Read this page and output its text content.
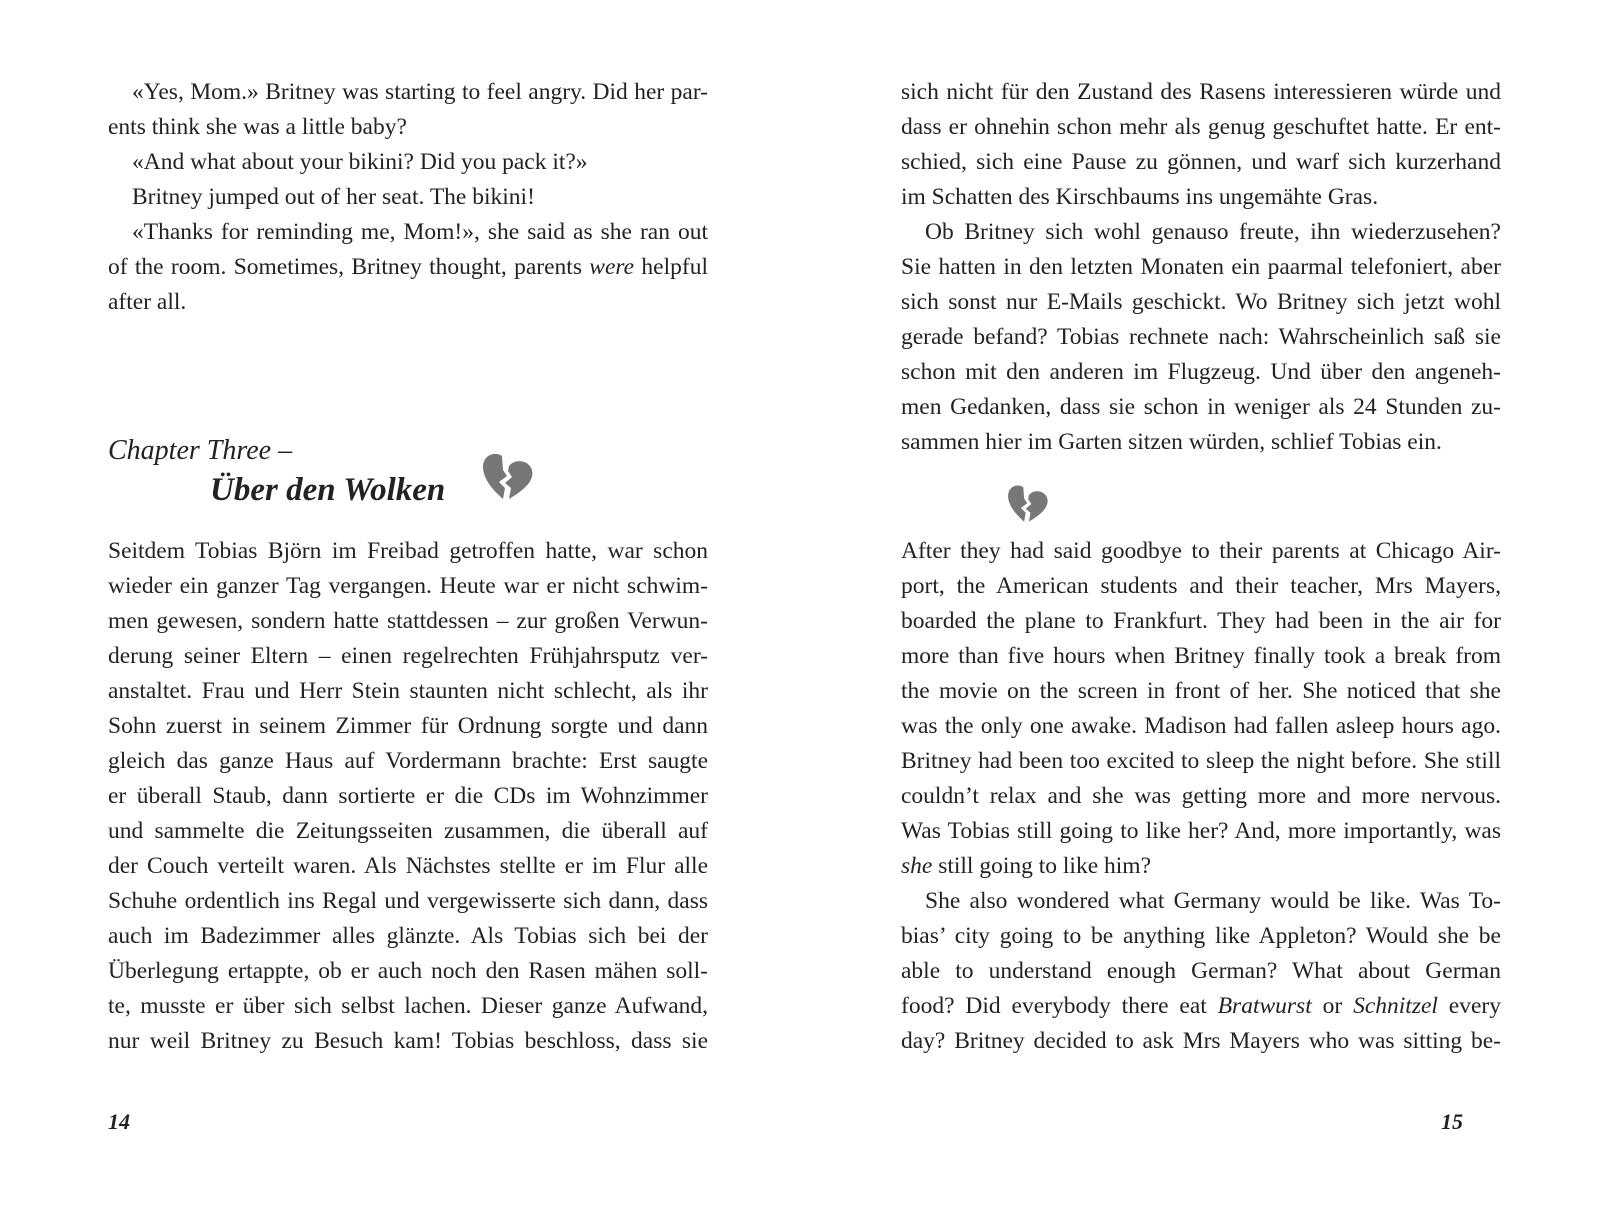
«Yes, Mom.» Britney was starting to feel angry. Did her par-
ents think she was a little baby?
«And what about your bikini? Did you pack it?»
Britney jumped out of her seat. The bikini!
«Thanks for reminding me, Mom!», she said as she ran out
of the room. Sometimes, Britney thought, parents were helpful
after all.
Chapter Three –
Über den Wolken
Seitdem Tobias Björn im Freibad getroffen hatte, war schon
wieder ein ganzer Tag vergangen. Heute war er nicht schwim-
men gewesen, sondern hatte stattdessen – zur großen Verwun-
derung seiner Eltern – einen regelrechten Frühjahrsputz ver-
anstaltet. Frau und Herr Stein staunten nicht schlecht, als ihr
Sohn zuerst in seinem Zimmer für Ordnung sorgte und dann
gleich das ganze Haus auf Vordermann brachte: Erst saugte
er überall Staub, dann sortierte er die CDs im Wohnzimmer
und sammelte die Zeitungsseiten zusammen, die überall auf
der Couch verteilt waren. Als Nächstes stellte er im Flur alle
Schuhe ordentlich ins Regal und vergewisserte sich dann, dass
auch im Badezimmer alles glänzte. Als Tobias sich bei der
Überlegung ertappte, ob er auch noch den Rasen mähen soll-
te, musste er über sich selbst lachen. Dieser ganze Aufwand,
nur weil Britney zu Besuch kam! Tobias beschloss, dass sie
14
sich nicht für den Zustand des Rasens interessieren würde und
dass er ohnehin schon mehr als genug geschuftet hatte. Er ent-
schied, sich eine Pause zu gönnen, und warf sich kurzerhand
im Schatten des Kirschbaums ins ungemähte Gras.
Ob Britney sich wohl genauso freute, ihn wiederzusehen?
Sie hatten in den letzten Monaten ein paarmal telefoniert, aber
sich sonst nur E-Mails geschickt. Wo Britney sich jetzt wohl
gerade befand? Tobias rechnete nach: Wahrscheinlich saß sie
schon mit den anderen im Flugzeug. Und über den angeneh-
men Gedanken, dass sie schon in weniger als 24 Stunden zu-
sammen hier im Garten sitzen würden, schlief Tobias ein.
After they had said goodbye to their parents at Chicago Air-
port, the American students and their teacher, Mrs Mayers,
boarded the plane to Frankfurt. They had been in the air for
more than five hours when Britney finally took a break from
the movie on the screen in front of her. She noticed that she
was the only one awake. Madison had fallen asleep hours ago.
Britney had been too excited to sleep the night before. She still
couldn’t relax and she was getting more and more nervous.
Was Tobias still going to like her? And, more importantly, was
she still going to like him?
She also wondered what Germany would be like. Was To-
bias’ city going to be anything like Appleton? Would she be
able to understand enough German? What about German
food? Did everybody there eat Bratwurst or Schnitzel every
day? Britney decided to ask Mrs Mayers who was sitting be-
15
